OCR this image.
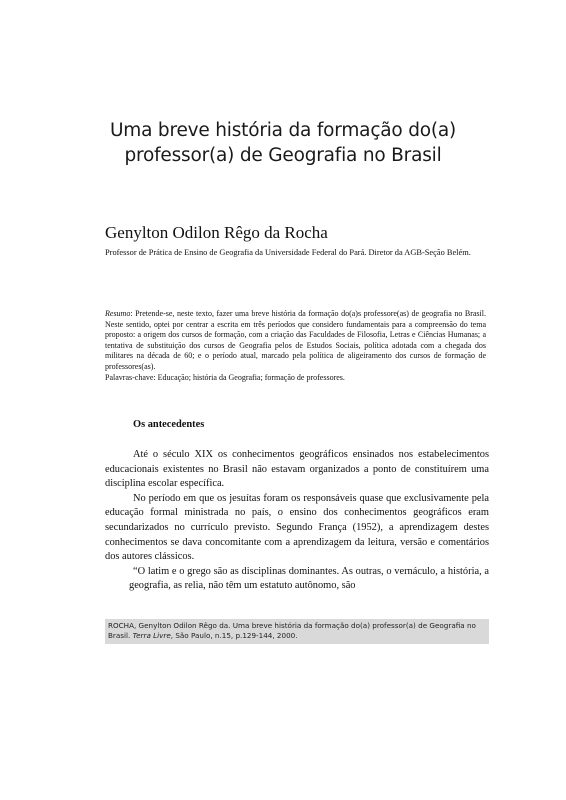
Uma breve história da formação do(a)
professor(a) de Geografia no Brasil
Genylton Odilon Rêgo da Rocha
Professor de Prática de Ensino de Geografia da Universidade Federal do Pará. Diretor da AGB-Seção Belém.

Resumo: Pretende-se, neste texto, fazer uma breve história da formação do(a)s professore(as) de geografia no Brasil. Neste sentido, optei por centrar a escrita em três períodos que considero fundamentais para a compreensão do tema proposto: a origem dos cursos de formação, com a criação das Faculdades de Filosofia, Letras e Ciências Humanas; a tentativa de substituição dos cursos de Geografia pelos de Estudos Sociais, política adotada com a chegada dos militares na década de 60; e o período atual, marcado pela política de aligeiramento dos cursos de formação de professores(as).

Palavras-chave: Educação; história da Geografia; formação de professores.

Os antecedentes

Até o século XIX os conhecimentos geográficos ensinados nos estabelecimentos educacionais existentes no Brasil não estavam organizados a ponto de constituírem uma disciplina escolar específica.

No período em que os jesuítas foram os responsáveis quase que exclusivamente pela educação formal ministrada no país, o ensino dos conhecimentos geográficos eram secundarizados no currículo previsto. Segundo França (1952), a aprendizagem destes conhecimentos se dava concomitante com a aprendizagem da leitura, versão e comentários dos autores clássicos.

“O latim e o grego são as disciplinas dominantes. As outras, o vernáculo, a história, a geografia, as relia, não têm um estatuto autônomo, são

ROCHA, Genylton Odilon Rêgo da. Uma breve história da formação do(a) professor(a) de Geografia no Brasil. Terra Livre, São Paulo, n.15, p.129-144, 2000.
